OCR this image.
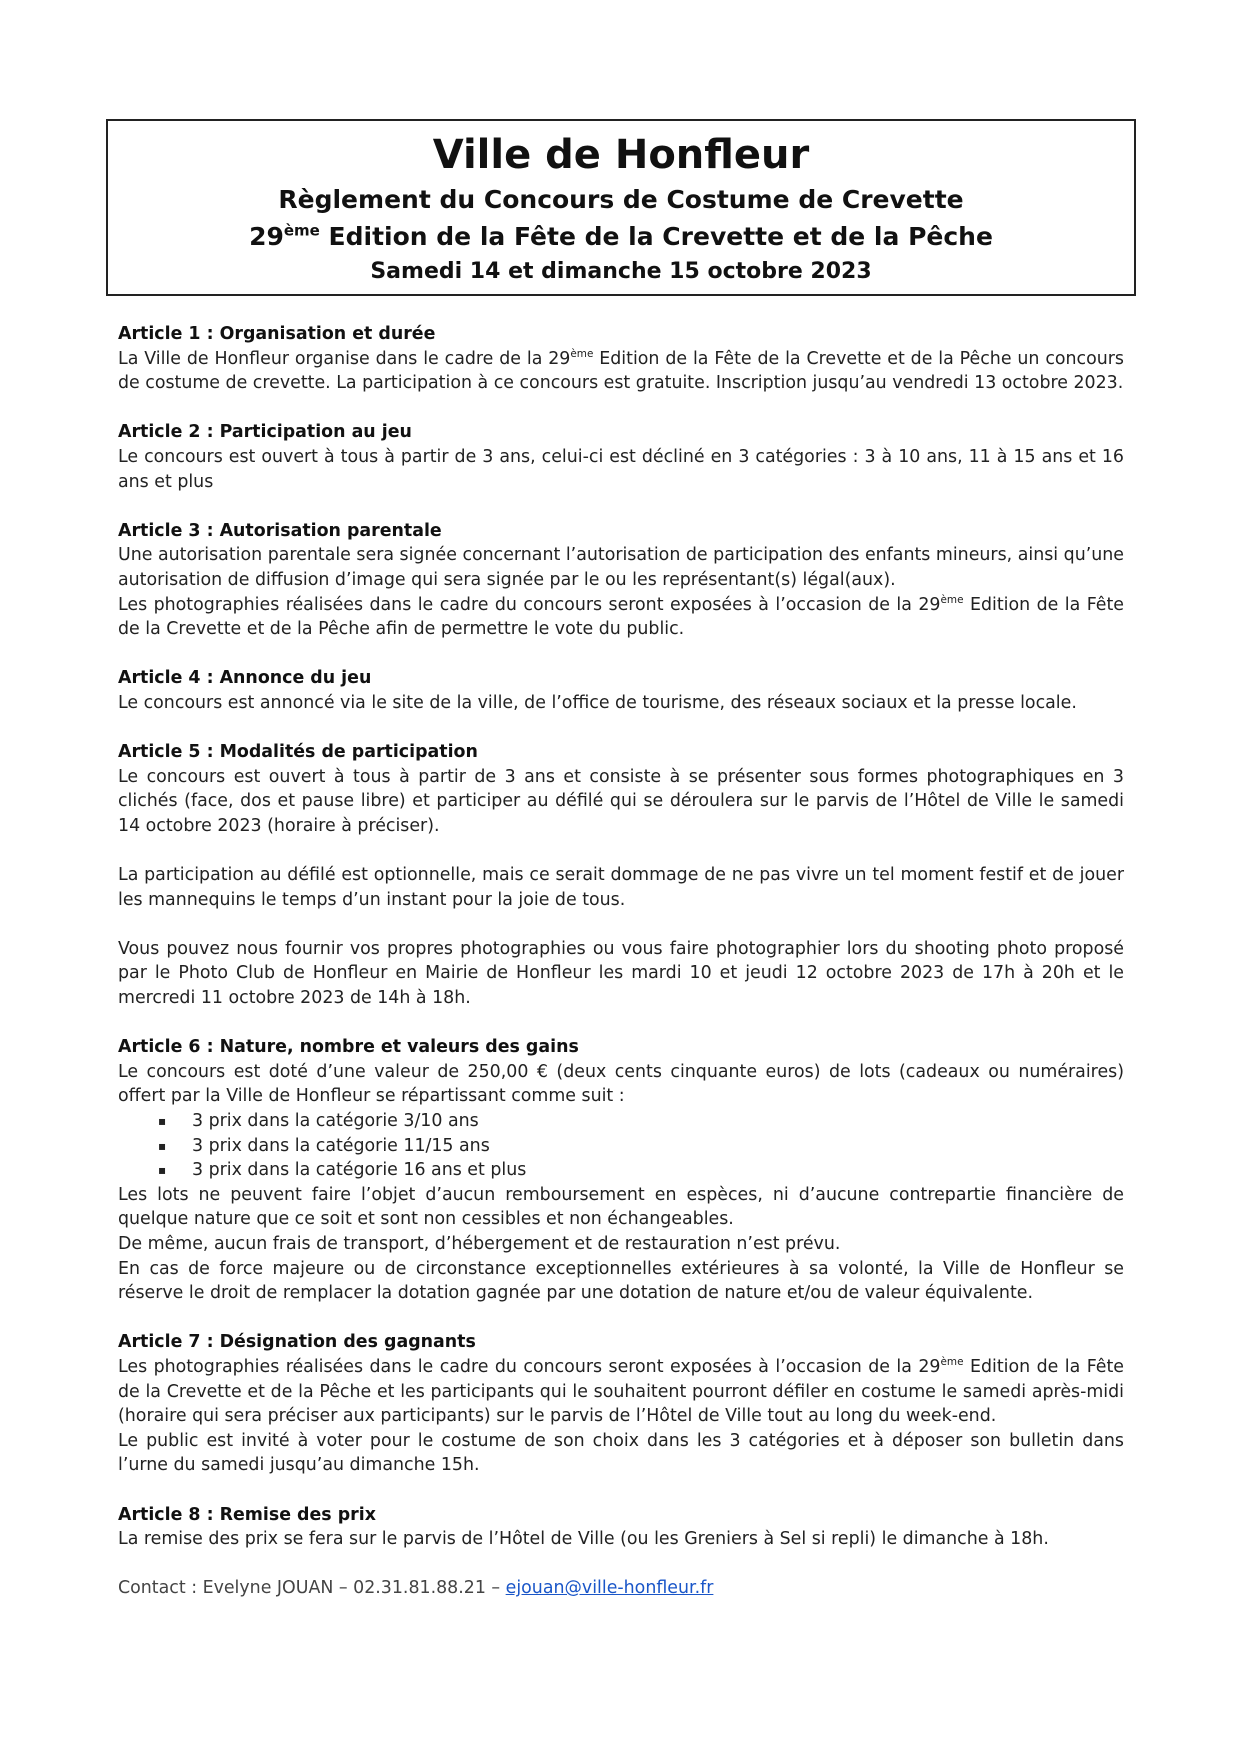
Ville de Honfleur
Règlement du Concours de Costume de Crevette
29ème Edition de la Fête de la Crevette et de la Pêche
Samedi 14 et dimanche 15 octobre 2023
Article 1 : Organisation et durée

La Ville de Honfleur organise dans le cadre de la 29ème Edition de la Fête de la Crevette et de la Pêche un concours de costume de crevette. La participation à ce concours est gratuite. Inscription jusqu’au vendredi 13 octobre 2023.

Article 2 : Participation au jeu

Le concours est ouvert à tous à partir de 3 ans, celui-ci est décliné en 3 catégories : 3 à 10 ans, 11 à 15 ans et 16 ans et plus

Article 3 : Autorisation parentale

Une autorisation parentale sera signée concernant l’autorisation de participation des enfants mineurs, ainsi qu’une autorisation de diffusion d’image qui sera signée par le ou les représentant(s) légal(aux).

Les photographies réalisées dans le cadre du concours seront exposées à l’occasion de la 29ème Edition de la Fête de la Crevette et de la Pêche afin de permettre le vote du public.

Article 4 : Annonce du jeu

Le concours est annoncé via le site de la ville, de l’office de tourisme, des réseaux sociaux et la presse locale.

Article 5 : Modalités de participation

Le concours est ouvert à tous à partir de 3 ans et consiste à se présenter sous formes photographiques en 3 clichés (face, dos et pause libre) et participer au défilé qui se déroulera sur le parvis de l’Hôtel de Ville le samedi 14 octobre 2023 (horaire à préciser).

La participation au défilé est optionnelle, mais ce serait dommage de ne pas vivre un tel moment festif et de jouer les mannequins le temps d’un instant pour la joie de tous.

Vous pouvez nous fournir vos propres photographies ou vous faire photographier lors du shooting photo proposé par le Photo Club de Honfleur en Mairie de Honfleur les mardi 10 et jeudi 12 octobre 2023 de 17h à 20h et le mercredi 11 octobre 2023 de 14h à 18h.

Article 6 : Nature, nombre et valeurs des gains

Le concours est doté d’une valeur de 250,00 € (deux cents cinquante euros) de lots (cadeaux ou numéraires) offert par la Ville de Honfleur se répartissant comme suit :

▪ 3 prix dans la catégorie 3/10 ans
▪ 3 prix dans la catégorie 11/15 ans
▪ 3 prix dans la catégorie 16 ans et plus

Les lots ne peuvent faire l’objet d’aucun remboursement en espèces, ni d’aucune contrepartie financière de quelque nature que ce soit et sont non cessibles et non échangeables.

De même, aucun frais de transport, d’hébergement et de restauration n’est prévu.

En cas de force majeure ou de circonstance exceptionnelles extérieures à sa volonté, la Ville de Honfleur se réserve le droit de remplacer la dotation gagnée par une dotation de nature et/ou de valeur équivalente.

Article 7 : Désignation des gagnants

Les photographies réalisées dans le cadre du concours seront exposées à l’occasion de la 29ème Edition de la Fête de la Crevette et de la Pêche et les participants qui le souhaitent pourront défiler en costume le samedi après-midi (horaire qui sera préciser aux participants) sur le parvis de l’Hôtel de Ville tout au long du week-end.

Le public est invité à voter pour le costume de son choix dans les 3 catégories et à déposer son bulletin dans l’urne du samedi jusqu’au dimanche 15h.

Article 8 : Remise des prix

La remise des prix se fera sur le parvis de l’Hôtel de Ville (ou les Greniers à Sel si repli) le dimanche à 18h.

Contact : Evelyne JOUAN – 02.31.81.88.21 – ejouan@ville-honfleur.fr
